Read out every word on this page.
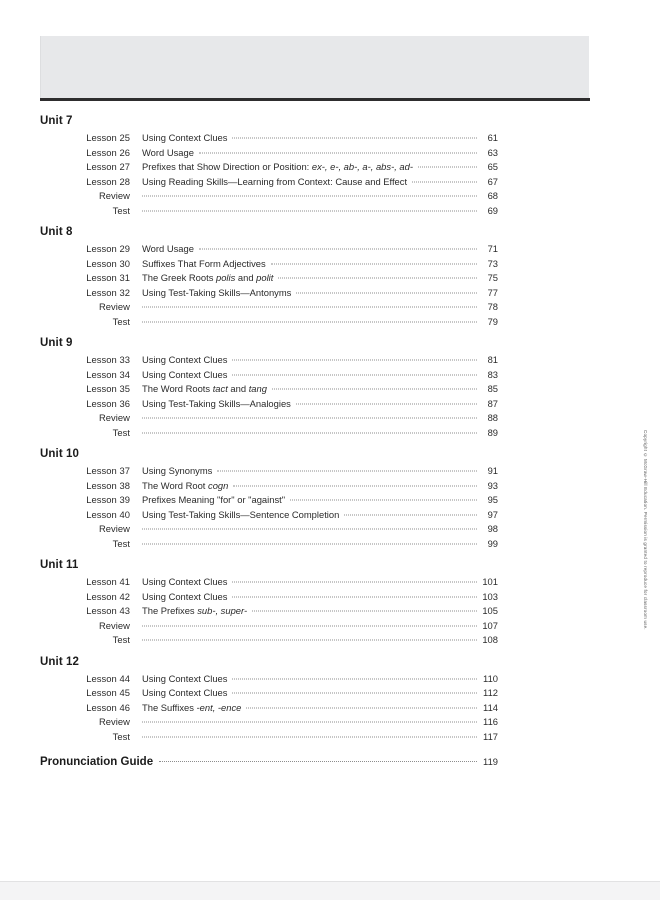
Unit 7
Lesson 25 Using Context Clues	61
Lesson 26 Word Usage	63
Lesson 27 Prefixes that Show Direction or Position: ex-, e-, ab-, a-, abs-, ad-	65
Lesson 28 Using Reading Skills—Learning from Context: Cause and Effect	67
Review	68
Test	69
Unit 8
Lesson 29 Word Usage	71
Lesson 30 Suffixes That Form Adjectives	73
Lesson 31 The Greek Roots polis and polit	75
Lesson 32 Using Test-Taking Skills—Antonyms	77
Review	78
Test	79
Unit 9
Lesson 33 Using Context Clues	81
Lesson 34 Using Context Clues	83
Lesson 35 The Word Roots tact and tang	85
Lesson 36 Using Test-Taking Skills—Analogies	87
Review	88
Test	89
Unit 10
Lesson 37 Using Synonyms	91
Lesson 38 The Word Root cogn	93
Lesson 39 Prefixes Meaning "for" or "against"	95
Lesson 40 Using Test-Taking Skills—Sentence Completion	97
Review	98
Test	99
Unit 11
Lesson 41 Using Context Clues	101
Lesson 42 Using Context Clues	103
Lesson 43 The Prefixes sub-, super-	105
Review	107
Test	108
Unit 12
Lesson 44 Using Context Clues	110
Lesson 45 Using Context Clues	112
Lesson 46 The Suffixes -ent, -ence	114
Review	116
Test	117
Pronunciation Guide	119
Copyright © McGraw-Hill Education. Permission is granted to reproduce for classroom use.
